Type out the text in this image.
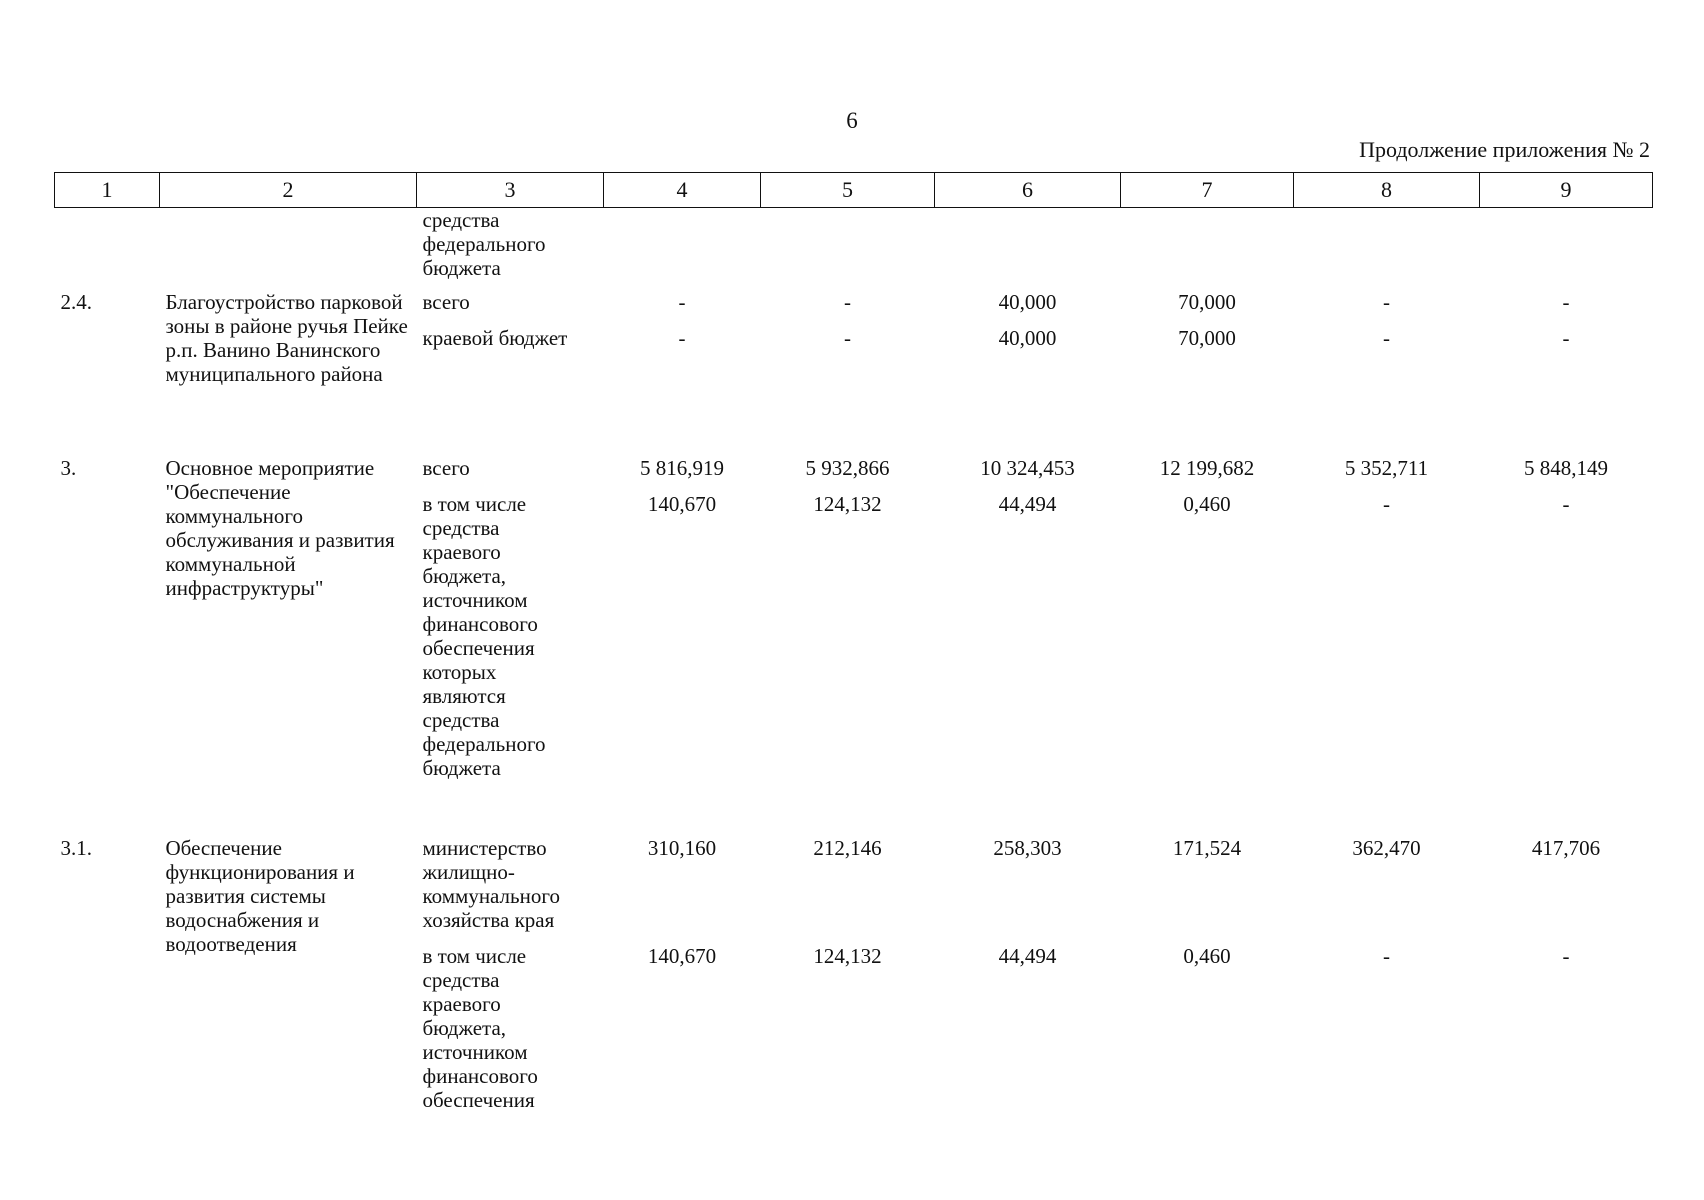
6
Продолжение приложения № 2
1	2	3	4	5	6	7	8	9
		средства федерального бюджета						
2.4.	Благоустройство парковой зоны в районе ручья Пейке р.п. Ванино Ванинского муниципального района	всего	-	-	40,000	70,000	-	-
		краевой бюджет	-	-	40,000	70,000	-	-
3.	Основное мероприятие "Обеспечение коммунального обслуживания и развития коммунальной инфраструктуры"	всего	5 816,919	5 932,866	10 324,453	12 199,682	5 352,711	5 848,149
		в том числе средства краевого бюджета, источником финансового обеспечения которых являются средства федерального бюджета	140,670	124,132	44,494	0,460	-	-
3.1.	Обеспечение функционирования и развития системы водоснабжения и водоотведения	министерство жилищно-коммунального хозяйства края	310,160	212,146	258,303	171,524	362,470	417,706
		в том числе средства краевого бюджета, источником финансового обеспечения	140,670	124,132	44,494	0,460	-	-
